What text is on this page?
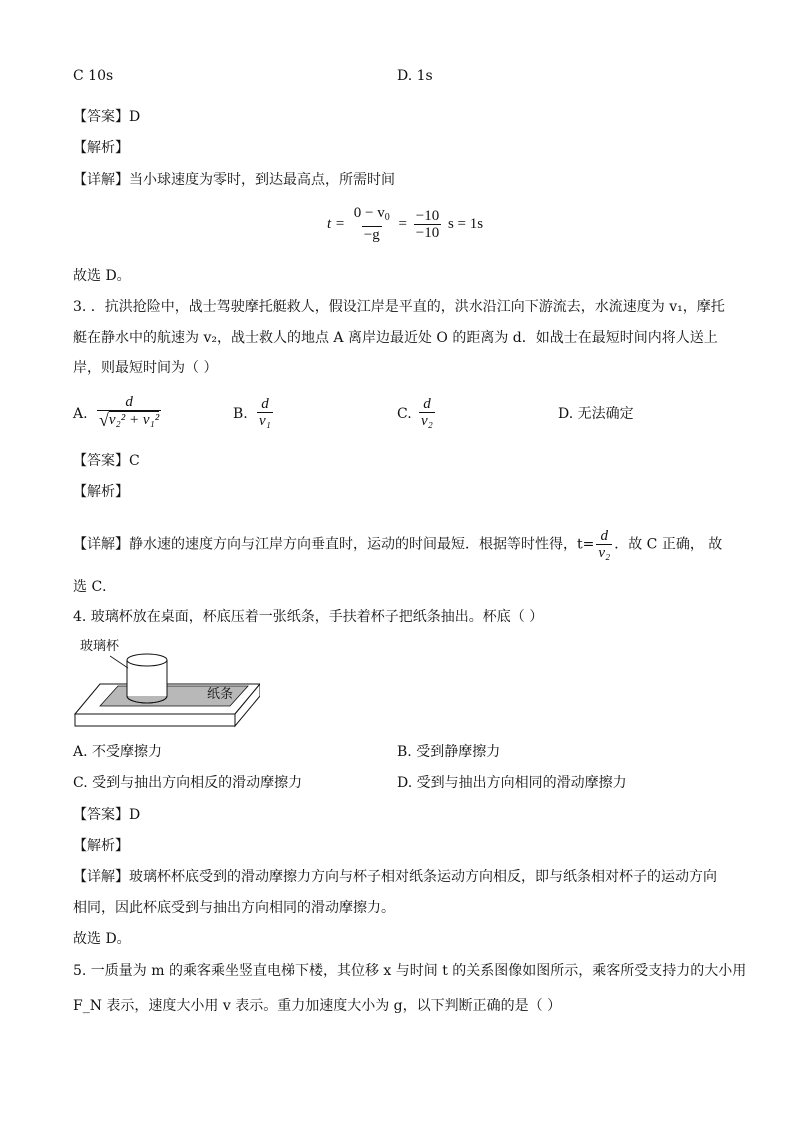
C 10s	D. 1s
【答案】D
【解析】
【详解】当小球速度为零时，到达最高点，所需时间
$t = \frac{0 - v_0}{-g} = \frac{-10}{-10}$ s = 1s
故选 D。
3. ．抗洪抢险中，战士驾驶摩托艇救人，假设江岸是平直的，洪水沿江向下游流去，水流速度为 v₁，摩托
艇在静水中的航速为 v₂，战士救人的地点 A 离岸边最近处 O 的距离为 d．如战士在最短时间内将人送上
岸，则最短时间为（ ）
A. $\frac{d}{\text{√ v₂² + v₁²}}$	B. $\frac{d}{\text{v₁}}$	C. $\frac{d}{\text{v₂}}$	D. 无法确定
【答案】C
【解析】
【详解】静水速的速度方向与江岸方向垂直时，运动的时间最短．根据等时性得，$t= \frac{d}{\text{v₂}}$ ．故 C 正确， 故
选 C．
4. 玻璃杯放在桌面，杯底压着一张纸条，手扶着杯子把纸条抽出。杯底（ ）
玻璃杯
纸条
A. 不受摩擦力	B. 受到静摩擦力
C. 受到与抽出方向相反的滑动摩擦力	D. 受到与抽出方向相同的滑动摩擦力
【答案】D
【解析】
【详解】玻璃杯杯底受到的滑动摩擦力方向与杯子相对纸条运动方向相反，即与纸条相对杯子的运动方向
相同，因此杯底受到与抽出方向相同的滑动摩擦力。
故选 D。
5. 一质量为 m 的乘客乘坐竖直电梯下楼，其位移 x 与时间 t 的关系图像如图所示，乘客所受支持力的大小用
F_N 表示，速度大小用 v 表示。重力加速度大小为 g，以下判断正确的是（ ）
